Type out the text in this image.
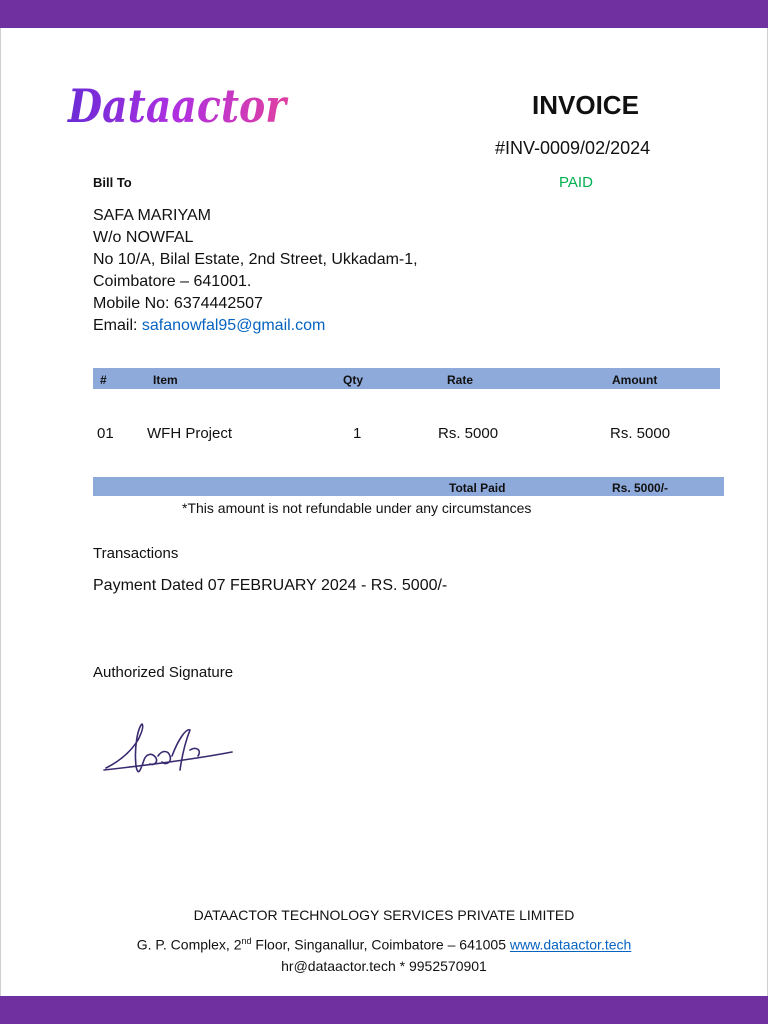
Dataactor	INVOICE
#INV-0009/02/2024
PAID
Bill To
SAFA MARIYAM
W/o NOWFAL
No 10/A, Bilal Estate, 2nd Street, Ukkadam-1,
Coimbatore – 641001.
Mobile No: 6374442507
Email: safanowfal95@gmail.com
#	Item	Qty	Rate	Amount
01 WFH Project	1	Rs. 5000	Rs. 5000
Total Paid	Rs. 5000/-
*This amount is not refundable under any circumstances
Transactions
Payment Dated 07 FEBRUARY 2024 - RS. 5000/-
Authorized Signature
DATAACTOR TECHNOLOGY SERVICES PRIVATE LIMITED
G. P. Complex, 2nd Floor, Singanallur, Coimbatore – 641005 www.dataactor.tech
hr@dataactor.tech * 9952570901
